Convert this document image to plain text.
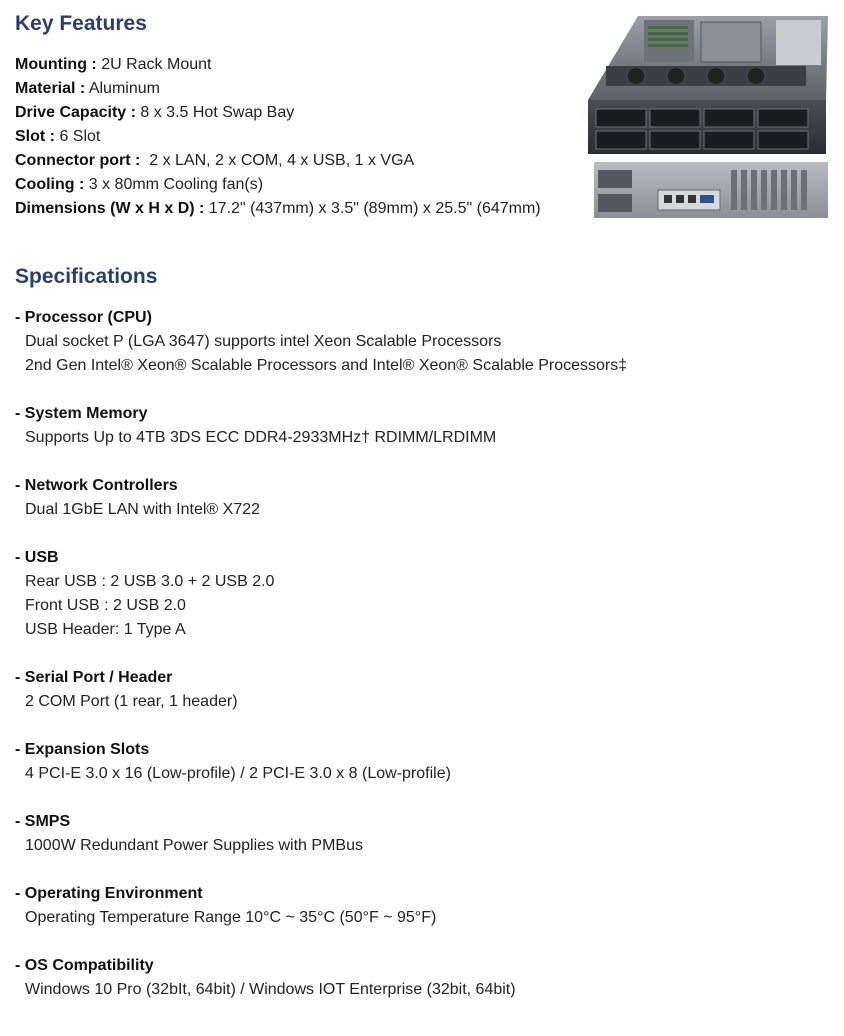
Key Features
Mounting : 2U Rack Mount
Material : Aluminum
Drive Capacity : 8 x 3.5 Hot Swap Bay
Slot : 6 Slot
Connector port : 2 x LAN, 2 x COM, 4 x USB, 1 x VGA
Cooling : 3 x 80mm Cooling fan(s)
Dimensions (W x H x D) : 17.2" (437mm) x 3.5" (89mm) x 25.5" (647mm)
Specifications
- Processor (CPU)
Dual socket P (LGA 3647) supports intel Xeon Scalable Processors
2nd Gen Intel® Xeon® Scalable Processors and Intel® Xeon® Scalable Processors‡
- System Memory
Supports Up to 4TB 3DS ECC DDR4-2933MHz† RDIMM/LRDIMM
- Network Controllers
Dual 1GbE LAN with Intel® X722
- USB
Rear USB : 2 USB 3.0 + 2 USB 2.0
Front USB : 2 USB 2.0
USB Header: 1 Type A
- Serial Port / Header
2 COM Port (1 rear, 1 header)
- Expansion Slots
4 PCI-E 3.0 x 16 (Low-profile) / 2 PCI-E 3.0 x 8 (Low-profile)
- SMPS
1000W Redundant Power Supplies with PMBus
- Operating Environment
Operating Temperature Range 10°C ~ 35°C (50°F ~ 95°F)
- OS Compatibility
Windows 10 Pro (32bIt, 64bit) / Windows IOT Enterprise (32bit, 64bit)
